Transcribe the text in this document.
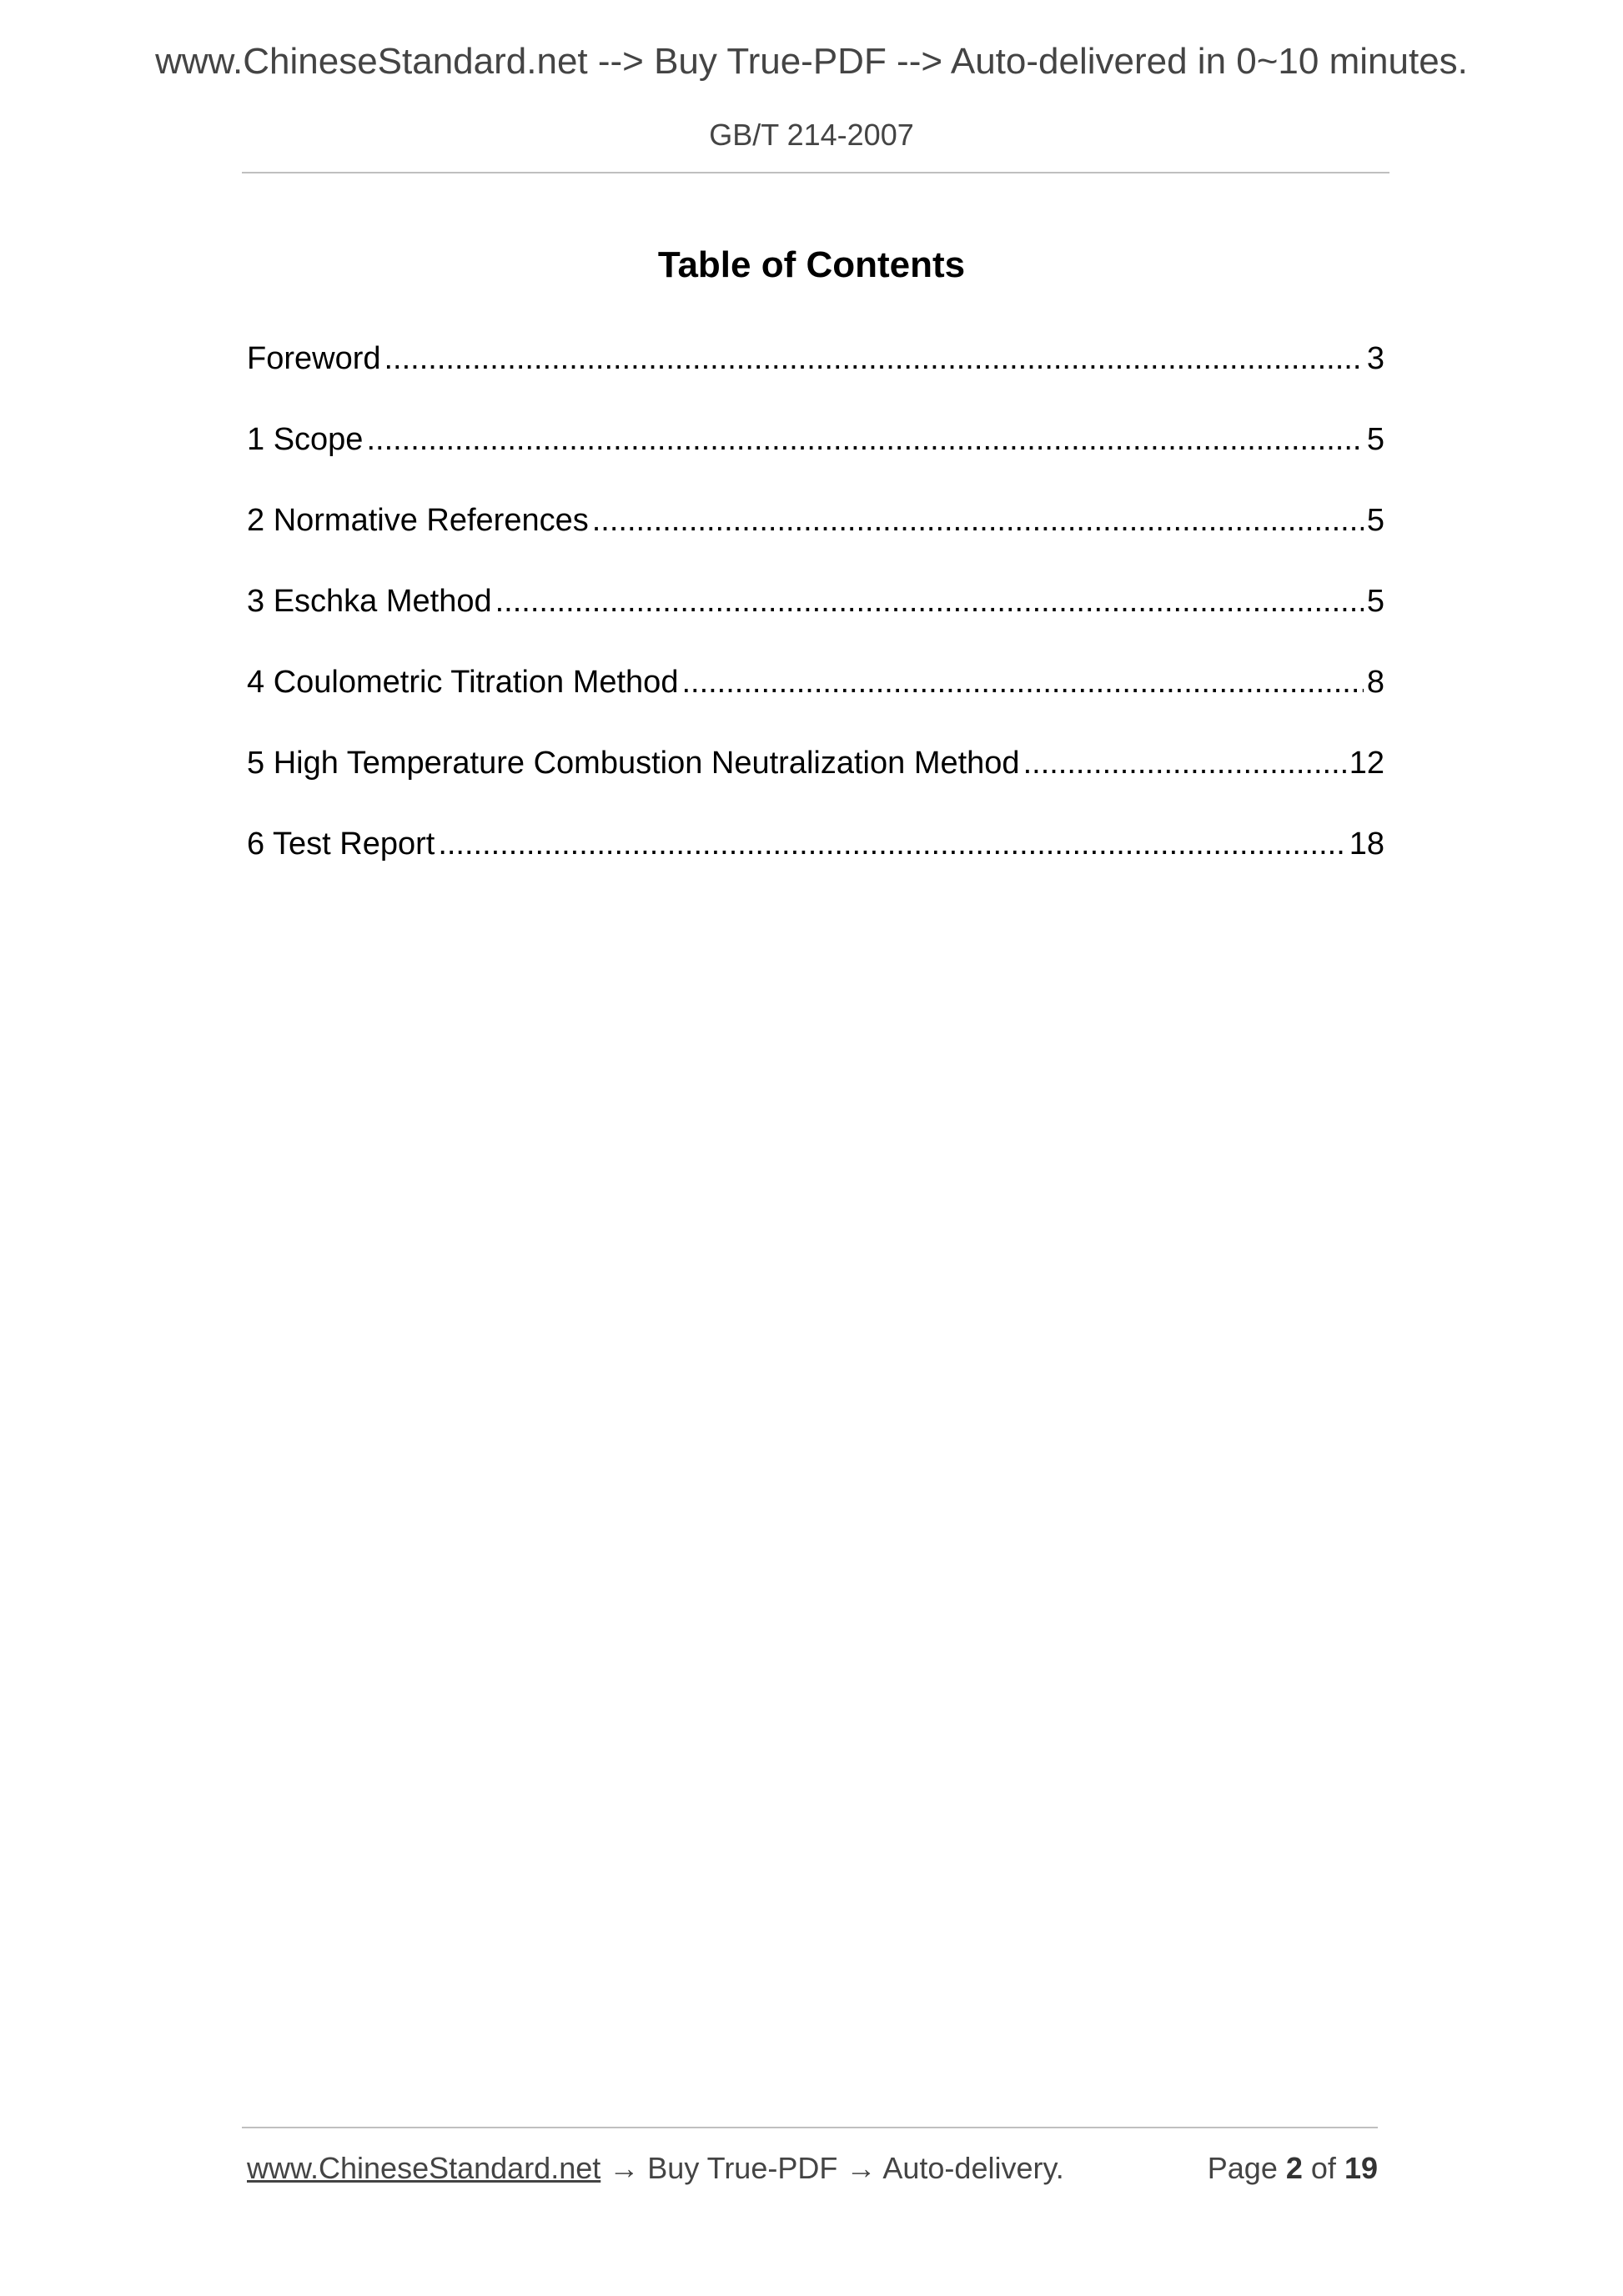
www.ChineseStandard.net --> Buy True-PDF --> Auto-delivered in 0~10 minutes.
GB/T 214-2007
Table of Contents
Foreword .....	3
1 Scope .....	5
2 Normative References .....	5
3 Eschka Method .....	5
4 Coulometric Titration Method .....	8
5 High Temperature Combustion Neutralization Method .....	12
6 Test Report .....	18
www.ChineseStandard.net → Buy True-PDF → Auto-delivery.	Page 2 of 19
